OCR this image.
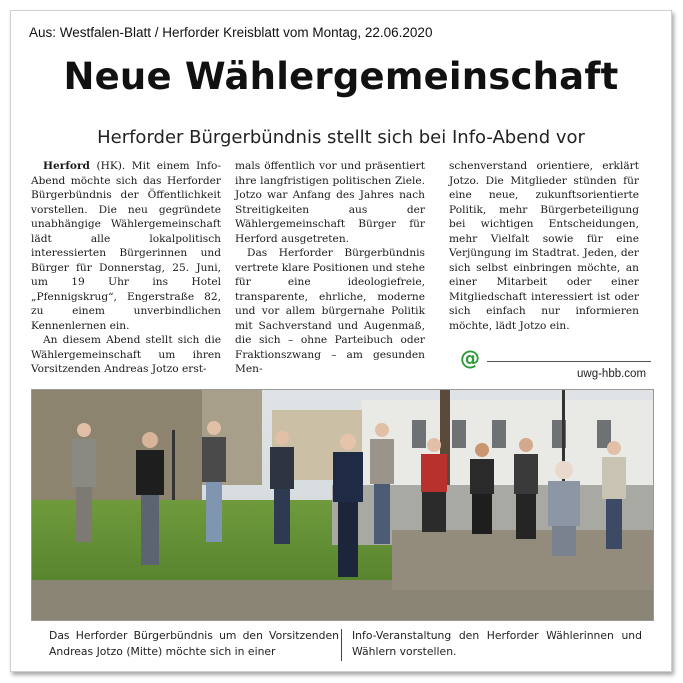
Aus: Westfalen-Blatt / Herforder Kreisblatt vom Montag, 22.06.2020
Neue Wählergemeinschaft
Herforder Bürgerbündnis stellt sich bei Info-Abend vor

Herford (HK). Mit einem Info-Abend möchte sich das Herforder Bürgerbündnis der Öffentlichkeit vorstellen. Die neu gegründete unabhängige Wählergemeinschaft lädt alle lokalpolitisch interessierten Bürgerinnen und Bürger für Donnerstag, 25. Juni, um 19 Uhr ins Hotel „Pfennigskrug“, Engerstraße 82, zu einem unverbindlichen Kennenlernen ein.

An diesem Abend stellt sich die Wählergemeinschaft um ihren Vorsitzenden Andreas Jotzo erst-

mals öffentlich vor und präsentiert ihre langfristigen politischen Ziele. Jotzo war Anfang des Jahres nach Streitigkeiten aus der Wählergemeinschaft Bürger für Herford ausgetreten.

Das Herforder Bürgerbündnis vertrete klare Positionen und stehe für eine ideologiefreie, transparente, ehrliche, moderne und vor allem bürgernahe Politik mit Sachverstand und Augenmaß, die sich – ohne Parteibuch oder Fraktionszwang – am gesunden Men-

schenverstand orientiere, erklärt Jotzo. Die Mitglieder stünden für eine neue, zukunftsorientierte Politik, mehr Bürgerbeteiligung bei wichtigen Entscheidungen, mehr Vielfalt sowie für eine Verjüngung im Stadtrat. Jeden, der sich selbst einbringen möchte, an einer Mitarbeit oder einer Mitgliedschaft interessiert ist oder sich einfach nur informieren möchte, lädt Jotzo ein.

@
uwg-hbb.com
Das Herforder Bürgerbündnis um den Vorsitzenden Andreas Jotzo (Mitte) möchte sich in einer
Info-Veranstaltung den Herforder Wählerinnen und Wählern vorstellen.
